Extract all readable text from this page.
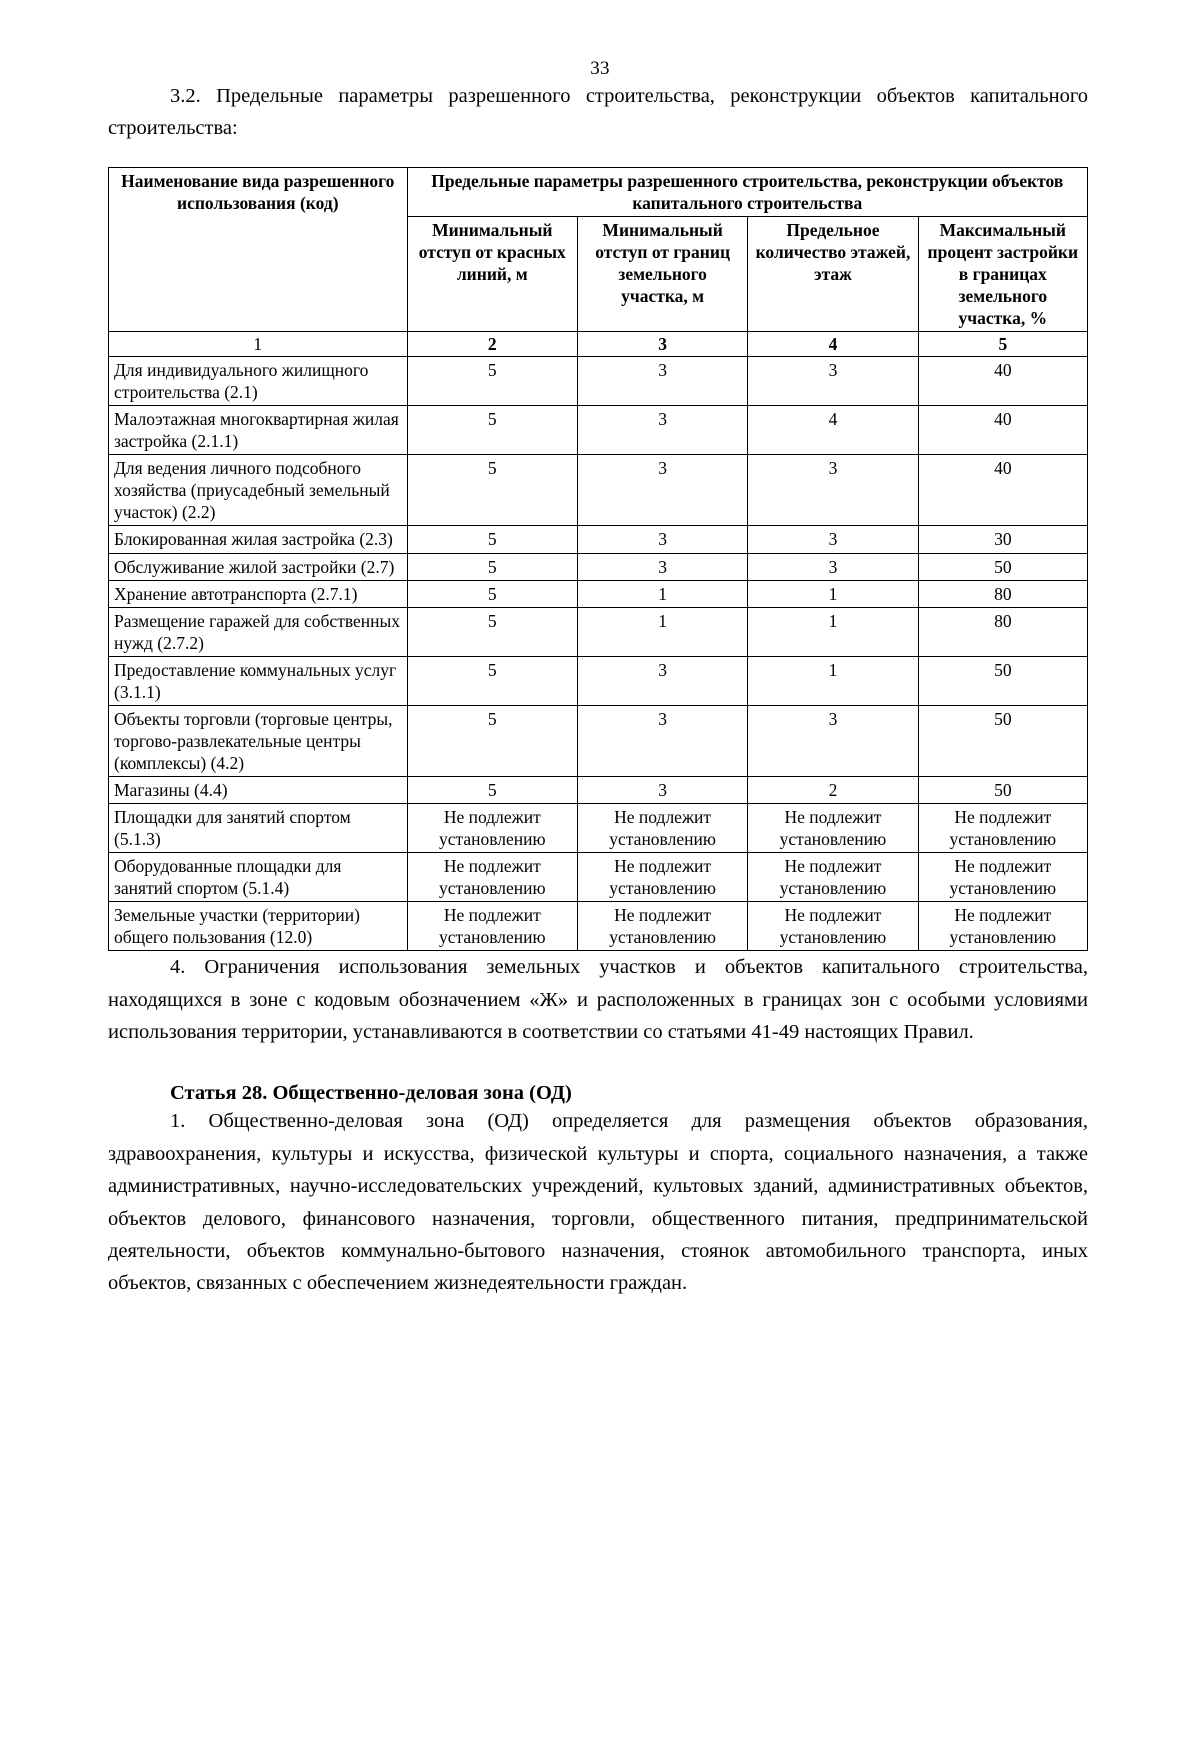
33

3.2. Предельные параметры разрешенного строительства, реконструкции объектов капитального строительства:

Наименование вида разрешенного использования (код)	Предельные параметры разрешенного строительства, реконструкции объектов капитального строительства			
	Минимальный отступ от красных линий, м	Минимальный отступ от границ земельного участка, м	Предельное количество этажей, этаж	Максимальный процент застройки в границах земельного участка, %
1	2	3	4	5
Для индивидуального жилищного строительства (2.1)	5	3	3	40
Малоэтажная многоквартирная жилая застройка (2.1.1)	5	3	4	40
Для ведения личного подсобного хозяйства (приусадебный земельный участок) (2.2)	5	3	3	40
Блокированная жилая застройка (2.3)	5	3	3	30
Обслуживание жилой застройки (2.7)	5	3	3	50
Хранение автотранспорта (2.7.1)	5	1	1	80
Размещение гаражей для собственных нужд (2.7.2)	5	1	1	80
Предоставление коммунальных услуг (3.1.1)	5	3	1	50
Объекты торговли (торговые центры, торгово-развлекательные центры (комплексы) (4.2)	5	3	3	50
Магазины (4.4)	5	3	2	50
Площадки для занятий спортом (5.1.3)	Не подлежит установлению	Не подлежит установлению	Не подлежит установлению	Не подлежит установлению
Оборудованные площадки для занятий спортом (5.1.4)	Не подлежит установлению	Не подлежит установлению	Не подлежит установлению	Не подлежит установлению
Земельные участки (территории) общего пользования (12.0)	Не подлежит установлению	Не подлежит установлению	Не подлежит установлению	Не подлежит установлению

4. Ограничения использования земельных участков и объектов капитального строительства, находящихся в зоне с кодовым обозначением «Ж» и расположенных в границах зон с особыми условиями использования территории, устанавливаются в соответствии со статьями 41-49 настоящих Правил.

Статья 28. Общественно-деловая зона (ОД)

1. Общественно-деловая зона (ОД) определяется для размещения объектов образования, здравоохранения, культуры и искусства, физической культуры и спорта, социального назначения, а также административных, научно-исследовательских учреждений, культовых зданий, административных объектов, объектов делового, финансового назначения, торговли, общественного питания, предпринимательской деятельности, объектов коммунально-бытового назначения, стоянок автомобильного транспорта, иных объектов, связанных с обеспечением жизнедеятельности граждан.
